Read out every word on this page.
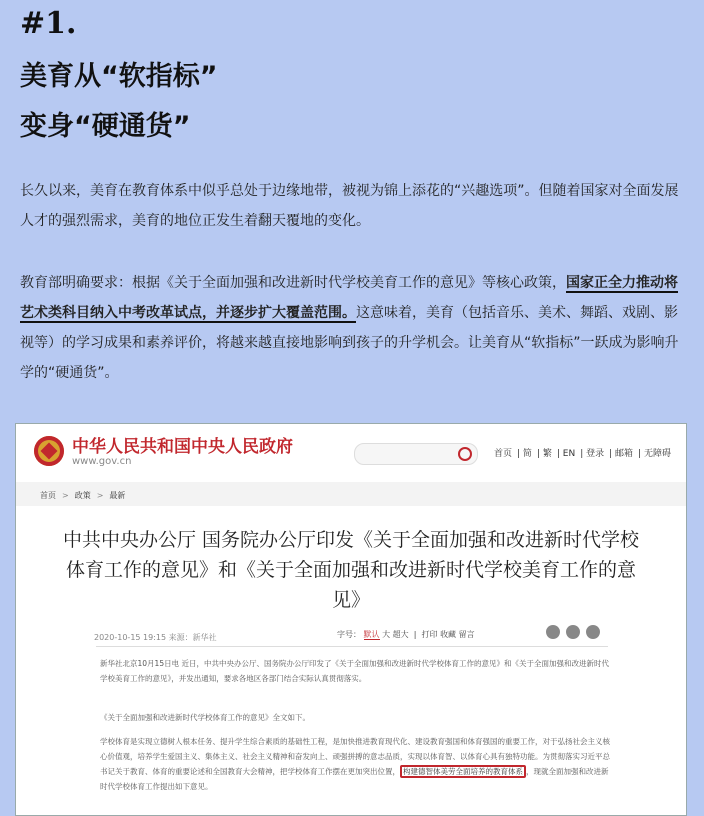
#1.
美育从“软指标”
变身“硬通货”
长久以来，美育在教育体系中似乎总处于边缘地带，被视为锦上添花的“兴趣选项”。但随着国家对全面发展人才的强烈需求，美育的地位正发生着翻天覆地的变化。
教育部明确要求：根据《关于全面加强和改进新时代学校美育工作的意见》等核心政策，国家正全力推动将艺术类科目纳入中考改革试点，并逐步扩大覆盖范围。这意味着，美育（包括音乐、美术、舞蹈、戏剧、影视等）的学习成果和素养评价，将越来越直接地影响到孩子的升学机会。让美育从“软指标”一跃成为影响升学的“硬通货”。
中华人民共和国中央人民政府
www.gov.cn
首页 | 简 | 繁 | EN | 登录 | 邮箱 | 无障碍
首页 > 政策 > 最新
中共中央办公厅 国务院办公厅印发《关于全面加强和改进新时代学校体育工作的意见》和《关于全面加强和改进新时代学校美育工作的意见》
2020-10-15 19:15 来源：新华社	字号： 默认 大 超大  |  打印 收藏 留言
新华社北京10月15日电 近日，中共中央办公厅、国务院办公厅印发了《关于全面加强和改进新时代学校体育工作的意见》和《关于全面加强和改进新时代学校美育工作的意见》，并发出通知，要求各地区各部门结合实际认真贯彻落实。
《关于全面加强和改进新时代学校体育工作的意见》全文如下。
学校体育是实现立德树人根本任务、提升学生综合素质的基础性工程，是加快推进教育现代化、建设教育强国和体育强国的重要工作，对于弘扬社会主义核心价值观，培养学生爱国主义、集体主义、社会主义精神和奋发向上、顽强拼搏的意志品质，实现以体育智、以体育心具有独特功能。为贯彻落实习近平总书记关于教育、体育的重要论述和全国教育大会精神，把学校体育工作摆在更加突出位置， 构建德智体美劳全面培养的教育体系 ，现就全面加强和改进新时代学校体育工作提出如下意见。
